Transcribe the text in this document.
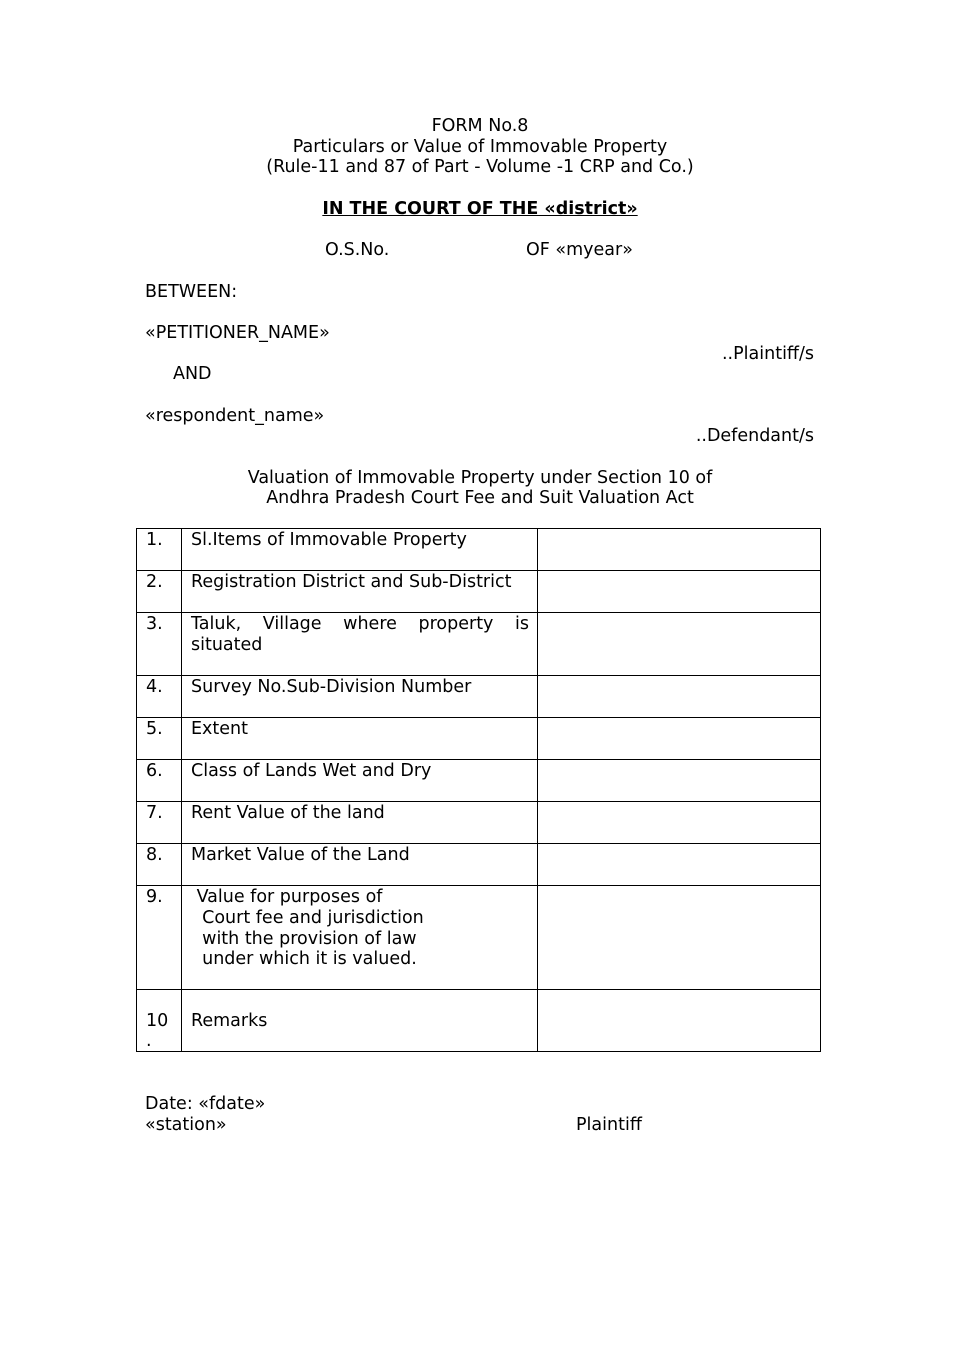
FORM No.8
Particulars or Value of Immovable Property
(Rule-11 and 87 of Part - Volume -1 CRP and Co.)
IN THE COURT OF THE «district»
O.S.No.	OF «myear»
BETWEEN:
«PETITIONER_NAME»
..Plaintiff/s
AND
«respondent_name»
..Defendant/s
Valuation of Immovable Property under Section 10 of
Andhra Pradesh Court Fee and Suit Valuation Act
1.	Sl.Items of Immovable Property	

2.	Registration District and Sub-District	

3.	Taluk, Village where property is situated	

4.	Survey No.Sub-Division Number	

5.	Extent	

6.	Class of Lands Wet and Dry	

7.	Rent Value of the land	

8.	Market Value of the Land	

9.	Value for purposes of
Court fee and jurisdiction
with the provision of law
under which it is valued.	

10
.	Remarks	

Date: «fdate»
«station»	Plaintiff
